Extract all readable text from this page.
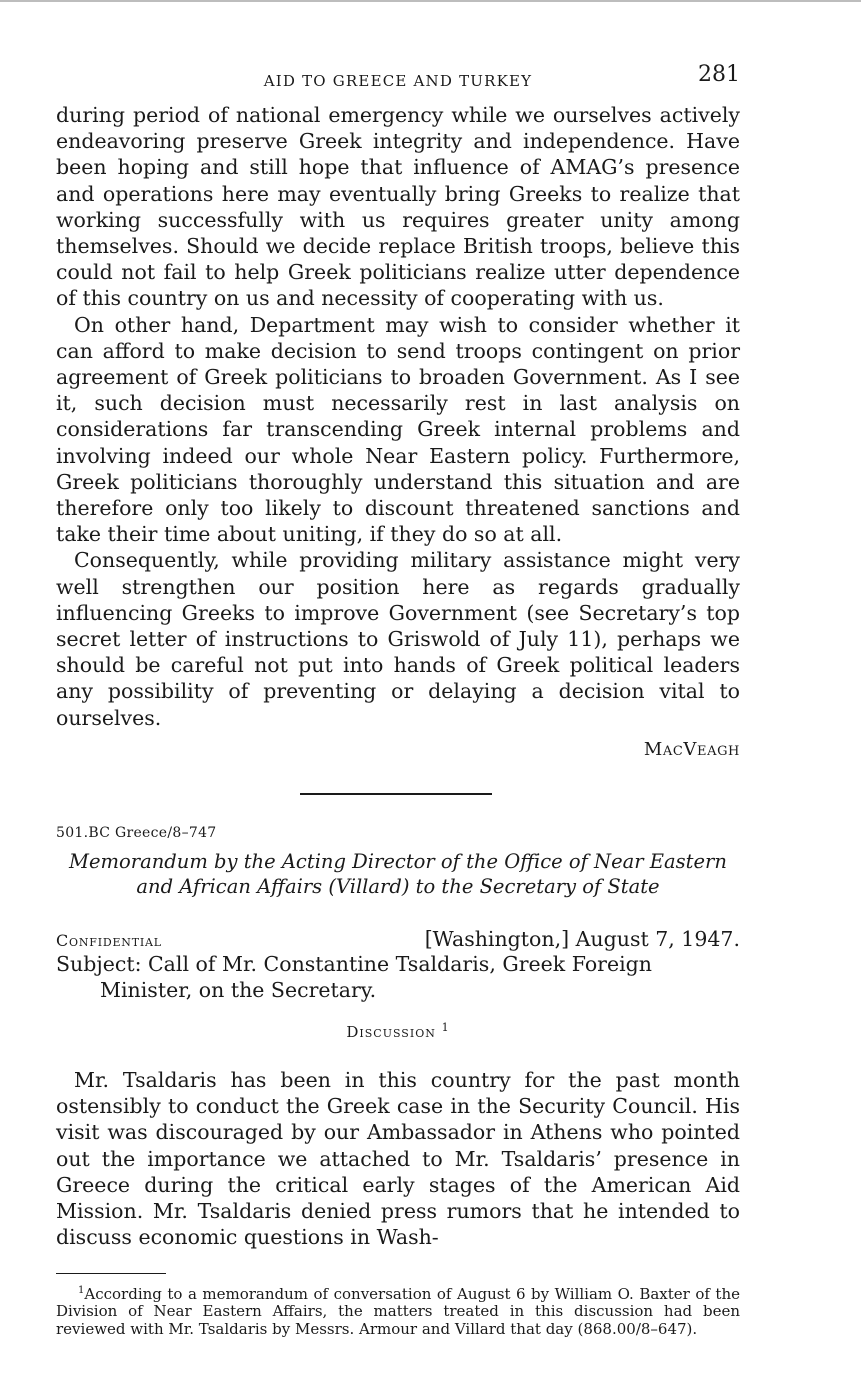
AID TO GREECE AND TURKEY	281

during period of national emergency while we ourselves actively endeavoring preserve Greek integrity and independence. Have been hoping and still hope that influence of AMAG’s presence and operations here may eventually bring Greeks to realize that working successfully with us requires greater unity among themselves. Should we decide replace British troops, believe this could not fail to help Greek politicians realize utter dependence of this country on us and necessity of cooperating with us.

On other hand, Department may wish to consider whether it can afford to make decision to send troops contingent on prior agreement of Greek politicians to broaden Government. As I see it, such decision must necessarily rest in last analysis on considerations far transcending Greek internal problems and involving indeed our whole Near Eastern policy. Furthermore, Greek politicians thoroughly understand this situation and are therefore only too likely to discount threatened sanctions and take their time about uniting, if they do so at all.

Consequently, while providing military assistance might very well strengthen our position here as regards gradually influencing Greeks to improve Government (see Secretary’s top secret letter of instructions to Griswold of July 11), perhaps we should be careful not put into hands of Greek political leaders any possibility of preventing or delaying a decision vital to ourselves.

MacVeagh
501.BC Greece/8–747
Memorandum by the Acting Director of the Office of Near Eastern and African Affairs (Villard) to the Secretary of State
Confidential	[Washington,] August 7, 1947.

Subject: Call of Mr. Constantine Tsaldaris, Greek Foreign Minister, on the Secretary.

Discussion $^1$

Mr. Tsaldaris has been in this country for the past month ostensibly to conduct the Greek case in the Security Council. His visit was discouraged by our Ambassador in Athens who pointed out the importance we attached to Mr. Tsaldaris’ presence in Greece during the critical early stages of the American Aid Mission. Mr. Tsaldaris denied press rumors that he intended to discuss economic questions in Wash-

$^1$According to a memorandum of conversation of August 6 by William O. Baxter of the Division of Near Eastern Affairs, the matters treated in this discussion had been reviewed with Mr. Tsaldaris by Messrs. Armour and Villard that day (868.00/8–647).
